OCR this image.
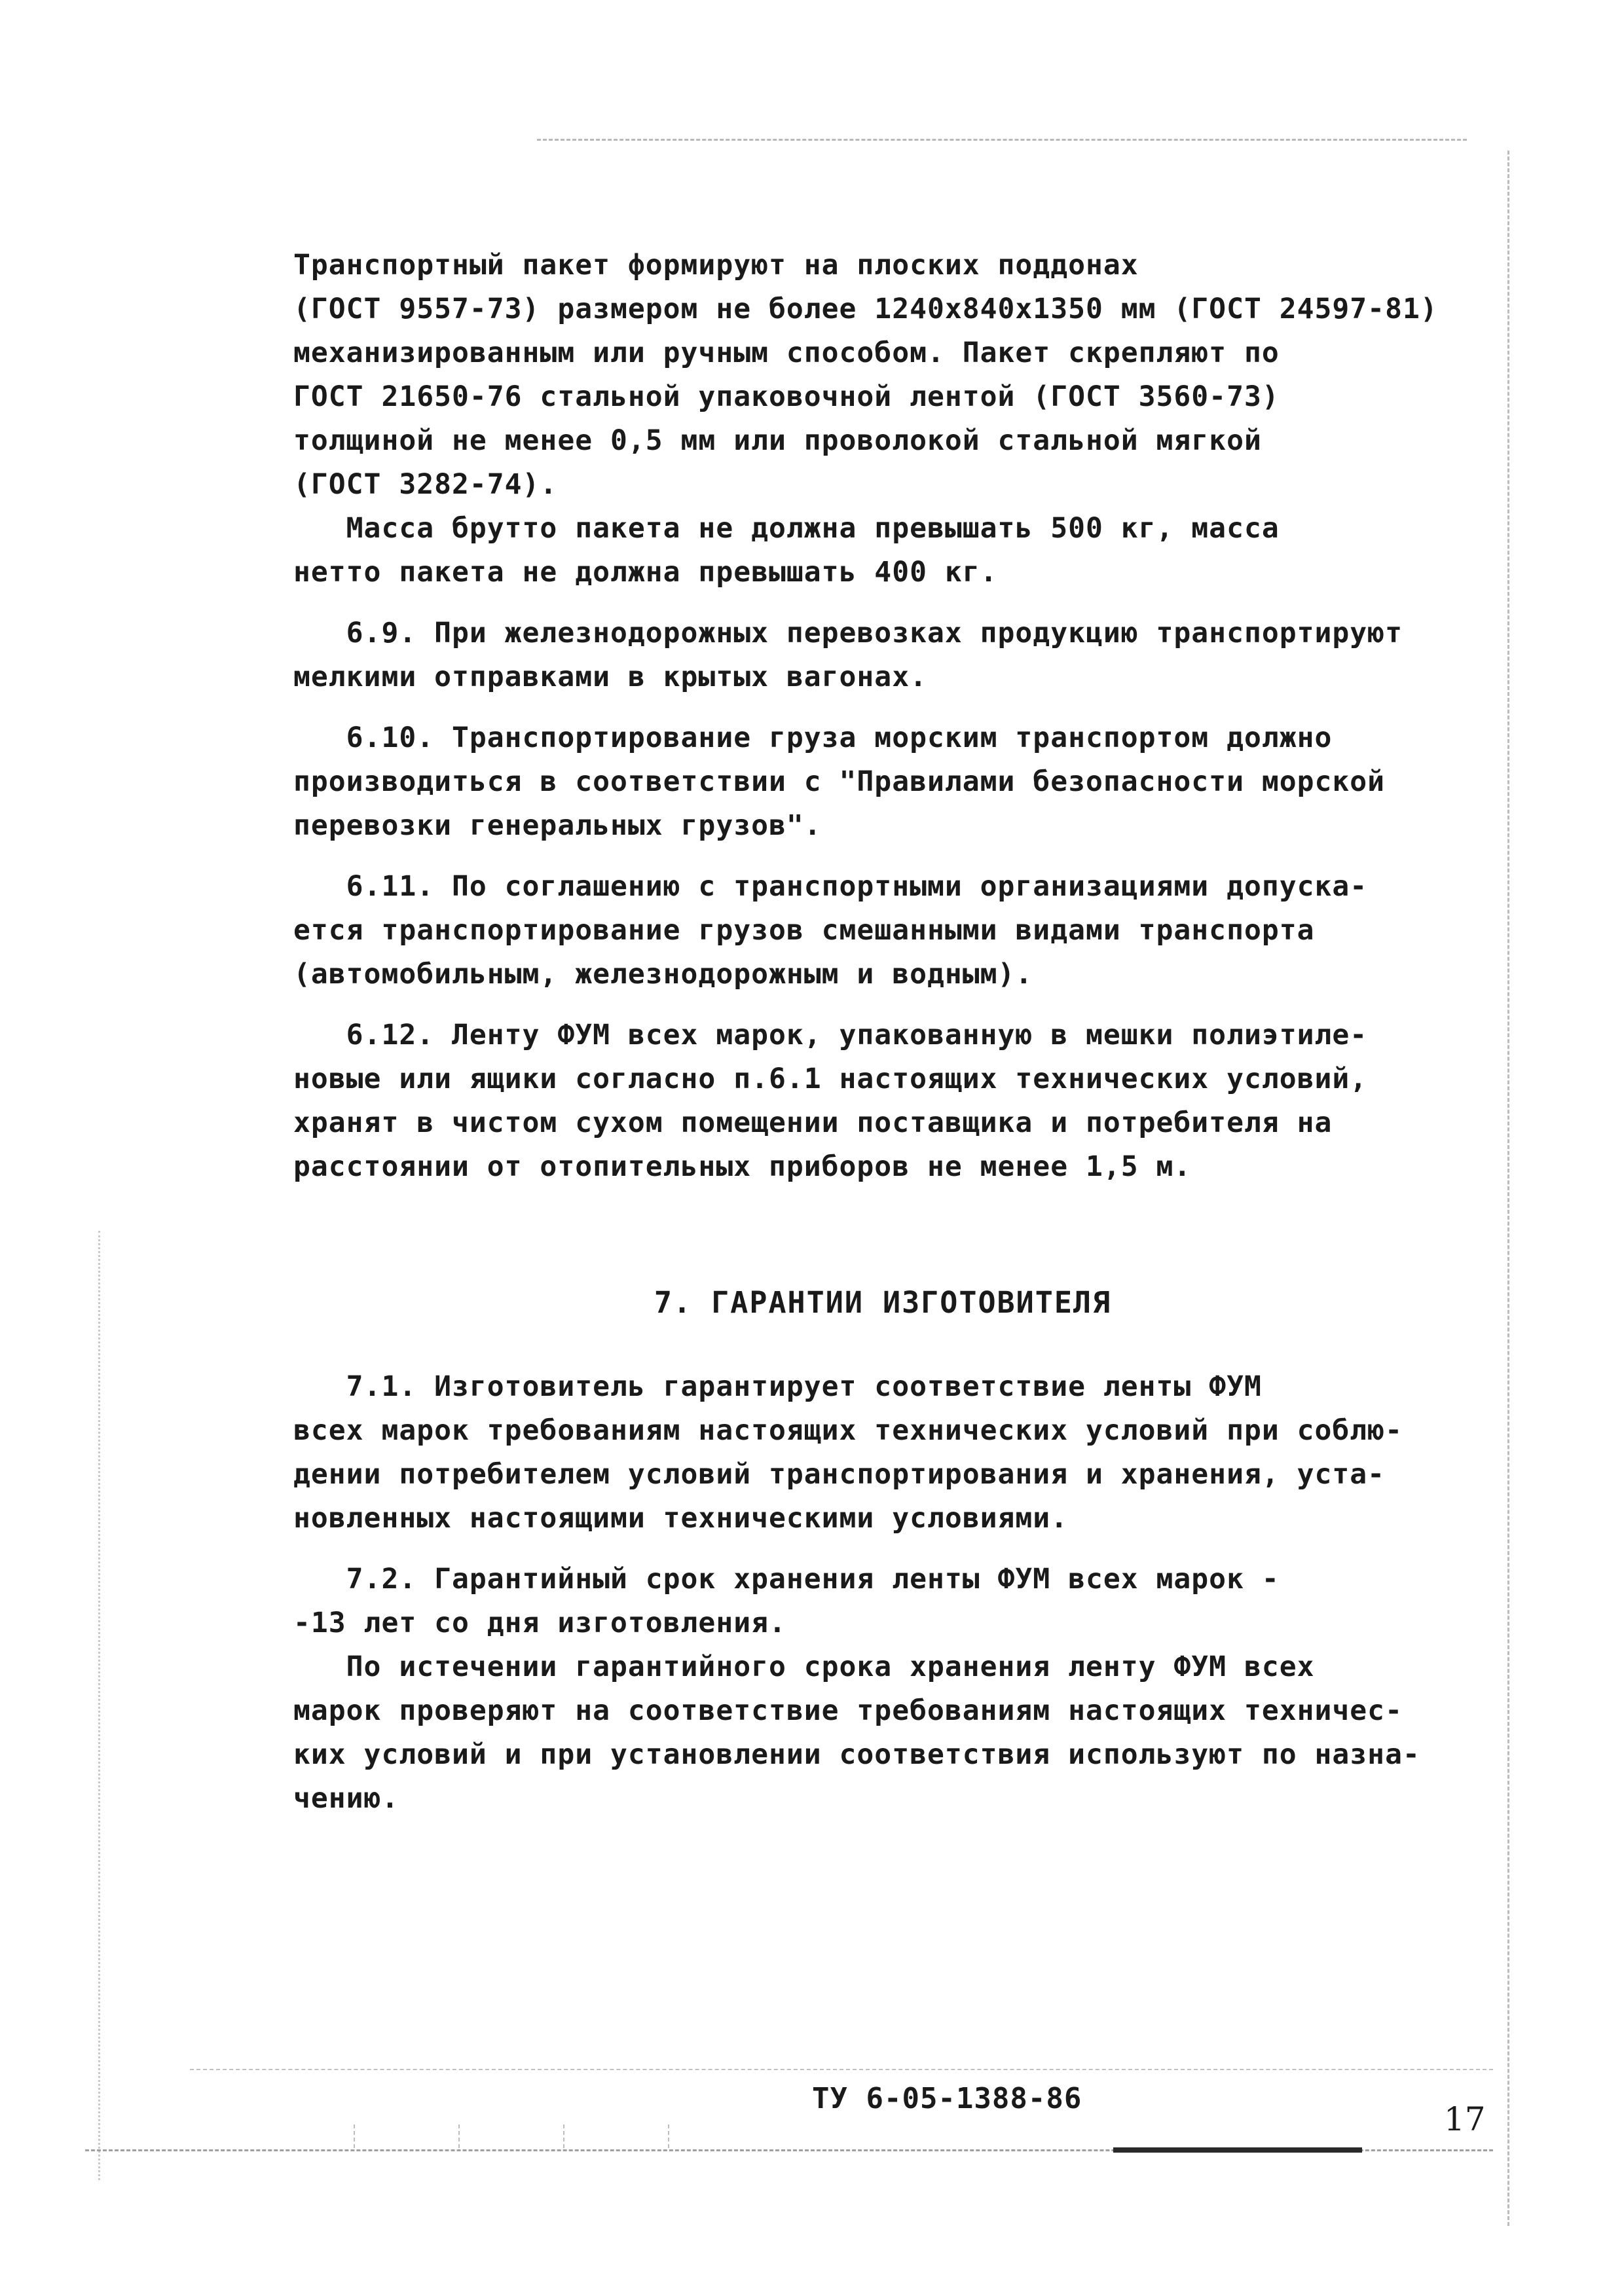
Транспортный пакет формируют на плоских поддонах
(ГОСТ 9557-73) размером не более 1240х840х1350 мм (ГОСТ 24597-81)
механизированным или ручным способом. Пакет скрепляют по
ГОСТ 21650-76 стальной упаковочной лентой (ГОСТ 3560-73)
толщиной не менее 0,5 мм или проволокой стальной мягкой
(ГОСТ 3282-74).
Масса брутто пакета не должна превышать 500 кг, масса
нетто пакета не должна превышать 400 кг.
6.9. При железнодорожных перевозках продукцию транспортируют
мелкими отправками в крытых вагонах.
6.10. Транспортирование груза морским транспортом должно
производиться в соответствии с "Правилами безопасности морской
перевозки генеральных грузов".
6.11. По соглашению с транспортными организациями допуска-
ется транспортирование грузов смешанными видами транспорта
(автомобильным, железнодорожным и водным).
6.12. Ленту ФУМ всех марок, упакованную в мешки полиэтиле-
новые или ящики согласно п.6.1 настоящих технических условий,
хранят в чистом сухом помещении поставщика и потребителя на
расстоянии от отопительных приборов не менее 1,5 м.
7. ГАРАНТИИ ИЗГОТОВИТЕЛЯ
7.1. Изготовитель гарантирует соответствие ленты ФУМ
всех марок требованиям настоящих технических условий при соблю-
дении потребителем условий транспортирования и хранения, уста-
новленных настоящими техническими условиями.
7.2. Гарантийный срок хранения ленты ФУМ всех марок -
-13 лет со дня изготовления.
По истечении гарантийного срока хранения ленту ФУМ всех
марок проверяют на соответствие требованиям настоящих техничес-
ких условий и при установлении соответствия используют по назна-
чению.
ТУ 6-05-1388-86
17
